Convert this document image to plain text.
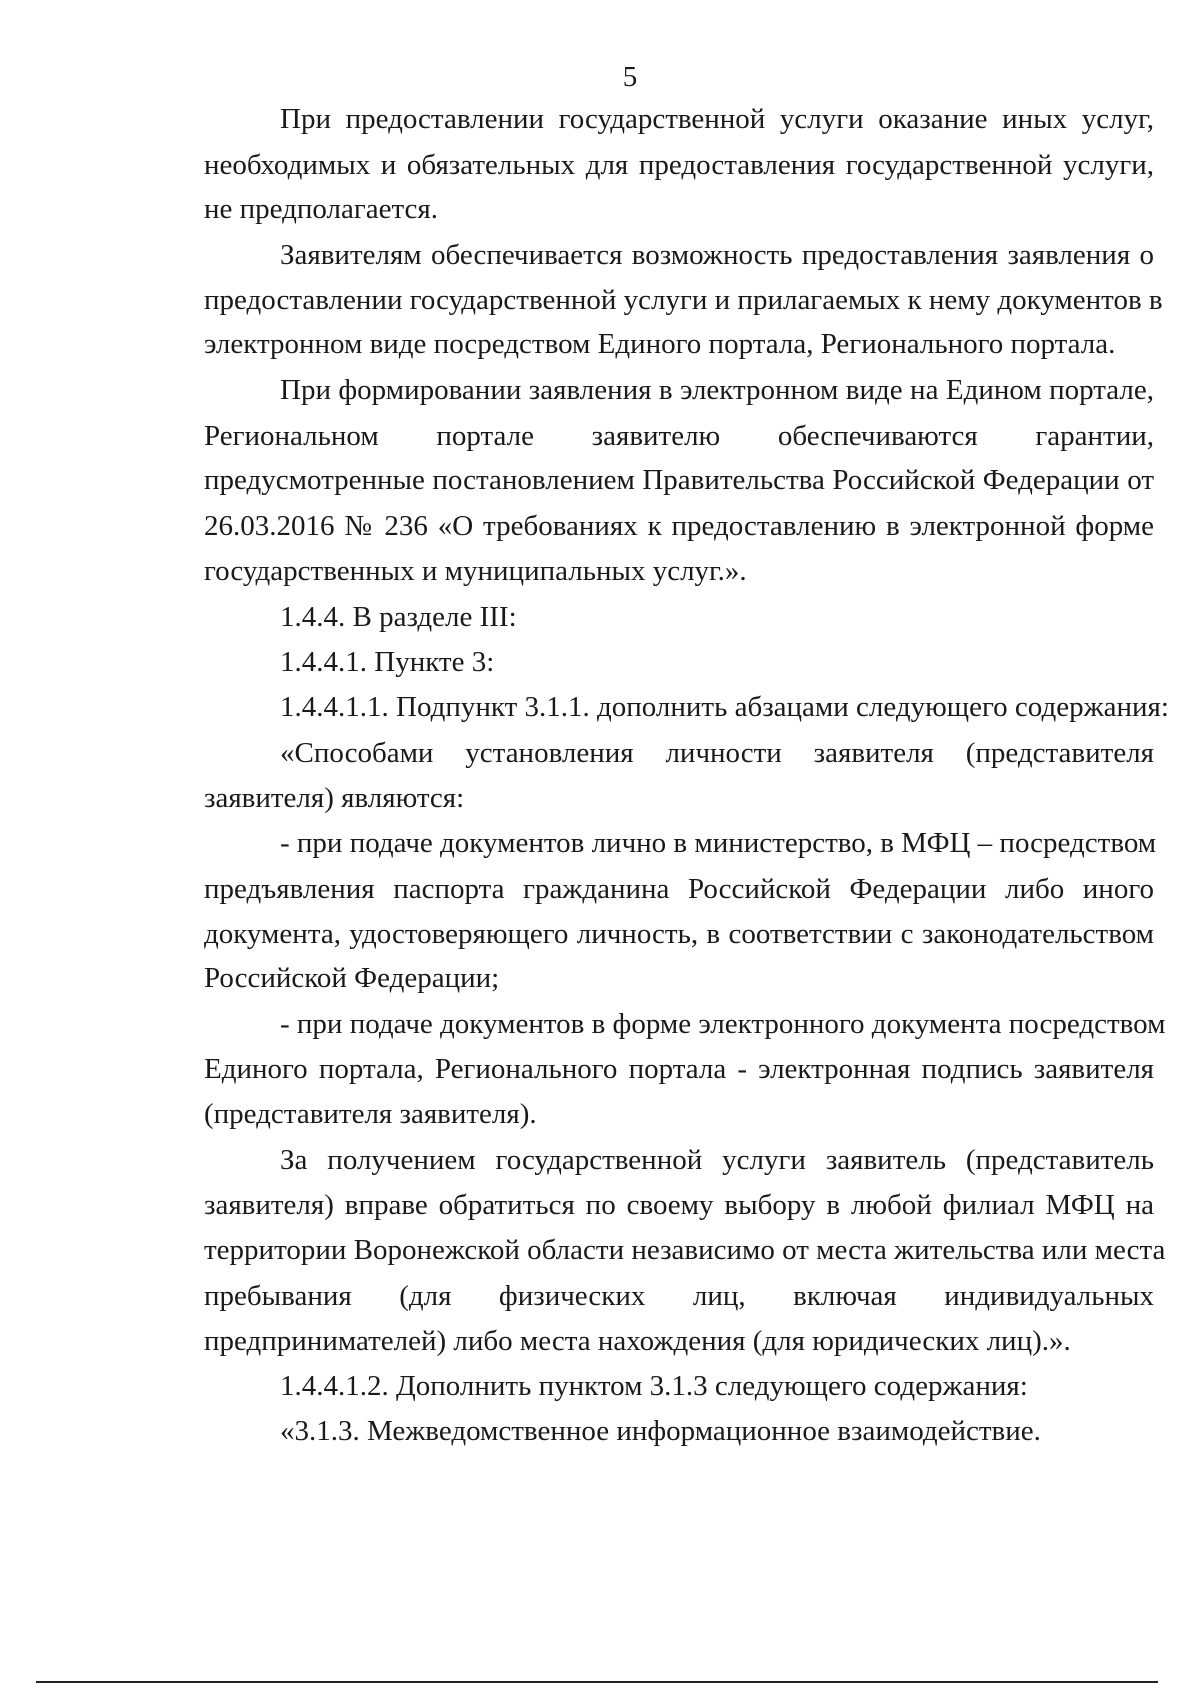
5
При предоставлении государственной услуги оказание иных услуг,
необходимых и обязательных для предоставления государственной услуги,
не предполагается.
Заявителям обеспечивается возможность предоставления заявления о
предоставлении государственной услуги и прилагаемых к нему документов в
электронном виде посредством Единого портала, Регионального портала.
При формировании заявления в электронном виде на Едином портале,
Региональном портале заявителю обеспечиваются гарантии,
предусмотренные постановлением Правительства Российской Федерации от
26.03.2016 № 236 «О требованиях к предоставлению в электронной форме
государственных и муниципальных услуг.».
1.4.4. В разделе III:
1.4.4.1. Пункте 3:
1.4.4.1.1. Подпункт 3.1.1. дополнить абзацами следующего содержания:
«Способами установления личности заявителя (представителя
заявителя) являются:
- при подаче документов лично в министерство, в МФЦ – посредством
предъявления паспорта гражданина Российской Федерации либо иного
документа, удостоверяющего личность, в соответствии с законодательством
Российской Федерации;
- при подаче документов в форме электронного документа посредством
Единого портала, Регионального портала - электронная подпись заявителя
(представителя заявителя).
За получением государственной услуги заявитель (представитель
заявителя) вправе обратиться по своему выбору в любой филиал МФЦ на
территории Воронежской области независимо от места жительства или места
пребывания (для физических лиц, включая индивидуальных
предпринимателей) либо места нахождения (для юридических лиц).».
1.4.4.1.2. Дополнить пунктом 3.1.3 следующего содержания:
«3.1.3. Межведомственное информационное взаимодействие.
